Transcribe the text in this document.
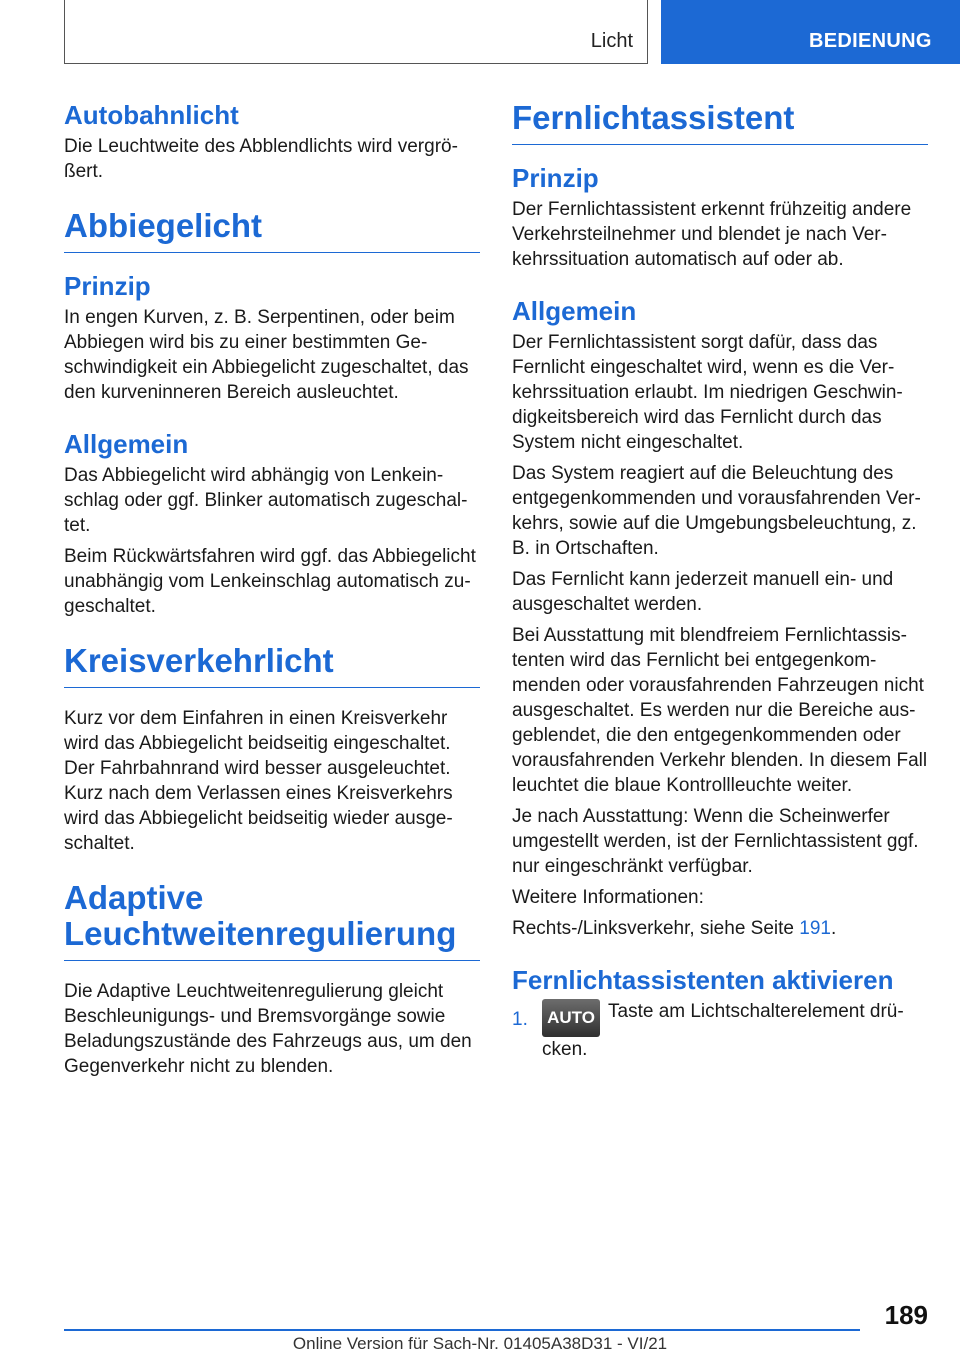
Licht	BEDIENUNG
Autobahnlicht

Die Leuchtweite des Abblendlichts wird vergrößert.

Abbiegelicht
Prinzip

In engen Kurven, z. B. Serpentinen, oder beim Abbiegen wird bis zu einer bestimmten Geschwindigkeit ein Abbiegelicht zugeschaltet, das den kurveninneren Bereich ausleuchtet.

Allgemein

Das Abbiegelicht wird abhängig von Lenkeinschlag oder ggf. Blinker automatisch zugeschaltet.

Beim Rückwärtsfahren wird ggf. das Abbiegelicht unabhängig vom Lenkeinschlag automatisch zugeschaltet.

Kreisverkehrlicht

Kurz vor dem Einfahren in einen Kreisverkehr wird das Abbiegelicht beidseitig eingeschaltet. Der Fahrbahnrand wird besser ausgeleuchtet. Kurz nach dem Verlassen eines Kreisverkehrs wird das Abbiegelicht beidseitig wieder ausgeschaltet.

Adaptive Leuchtweitenregulierung

Die Adaptive Leuchtweitenregulierung gleicht Beschleunigungs- und Bremsvorgänge sowie Beladungszustände des Fahrzeugs aus, um den Gegenverkehr nicht zu blenden.

Fernlichtassistent
Prinzip

Der Fernlichtassistent erkennt frühzeitig andere Verkehrsteilnehmer und blendet je nach Verkehrssituation automatisch auf oder ab.

Allgemein

Der Fernlichtassistent sorgt dafür, dass das Fernlicht eingeschaltet wird, wenn es die Verkehrssituation erlaubt. Im niedrigen Geschwindigkeitsbereich wird das Fernlicht durch das System nicht eingeschaltet.

Das System reagiert auf die Beleuchtung des entgegenkommenden und vorausfahrenden Verkehrs, sowie auf die Umgebungsbeleuchtung, z. B. in Ortschaften.

Das Fernlicht kann jederzeit manuell ein- und ausgeschaltet werden.

Bei Ausstattung mit blendfreiem Fernlichtassistenten wird das Fernlicht bei entgegenkommenden oder vorausfahrenden Fahrzeugen nicht ausgeschaltet. Es werden nur die Bereiche ausgeblendet, die den entgegenkommenden oder vorausfahrenden Verkehr blenden. In diesem Fall leuchtet die blaue Kontrollleuchte weiter.

Je nach Ausstattung: Wenn die Scheinwerfer umgestellt werden, ist der Fernlichtassistent ggf. nur eingeschränkt verfügbar.

Weitere Informationen:

Rechts-/Linksverkehr, siehe Seite 191.

Fernlichtassistenten aktivieren
1.	AUTO Taste am Lichtschalterelement drücken.
189
Online Version für Sach-Nr. 01405A38D31 - VI/21
